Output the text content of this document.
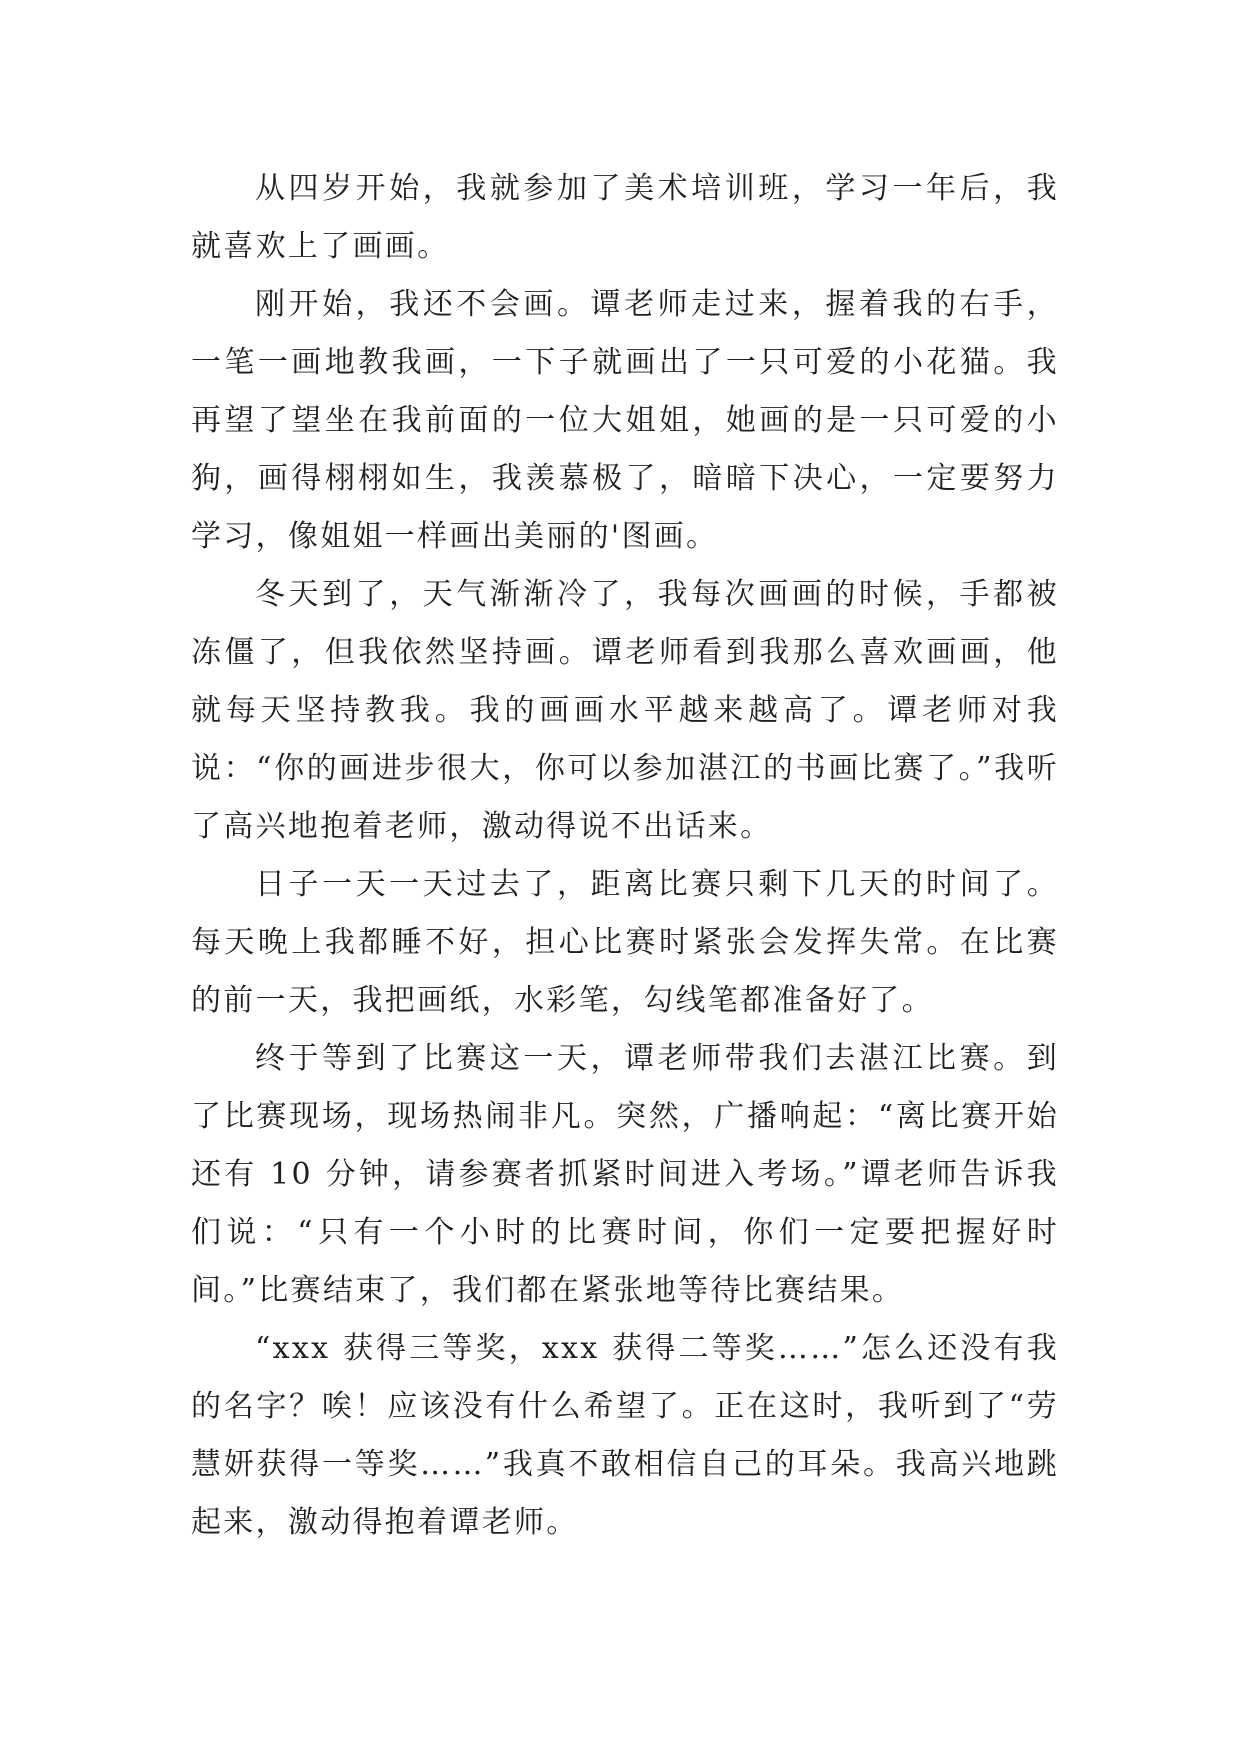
从四岁开始，我就参加了美术培训班，学习一年后，我就喜欢上了画画。

刚开始，我还不会画。谭老师走过来，握着我的右手，一笔一画地教我画，一下子就画出了一只可爱的小花猫。我再望了望坐在我前面的一位大姐姐，她画的是一只可爱的小狗，画得栩栩如生，我羡慕极了，暗暗下决心，一定要努力学习，像姐姐一样画出美丽的'图画。

冬天到了，天气渐渐冷了，我每次画画的时候，手都被冻僵了，但我依然坚持画。谭老师看到我那么喜欢画画，他就每天坚持教我。我的画画水平越来越高了。谭老师对我说：“你的画进步很大，你可以参加湛江的书画比赛了。”我听了高兴地抱着老师，激动得说不出话来。

日子一天一天过去了，距离比赛只剩下几天的时间了。每天晚上我都睡不好，担心比赛时紧张会发挥失常。在比赛的前一天，我把画纸，水彩笔，勾线笔都准备好了。

终于等到了比赛这一天，谭老师带我们去湛江比赛。到了比赛现场，现场热闹非凡。突然，广播响起：“离比赛开始还有 10 分钟，请参赛者抓紧时间进入考场。”谭老师告诉我们说：“只有一个小时的比赛时间，你们一定要把握好时间。”比赛结束了，我们都在紧张地等待比赛结果。

“xxx 获得三等奖，xxx 获得二等奖……”怎么还没有我的名字？唉！应该没有什么希望了。正在这时，我听到了“劳慧妍获得一等奖……”我真不敢相信自己的耳朵。我高兴地跳起来，激动得抱着谭老师。
